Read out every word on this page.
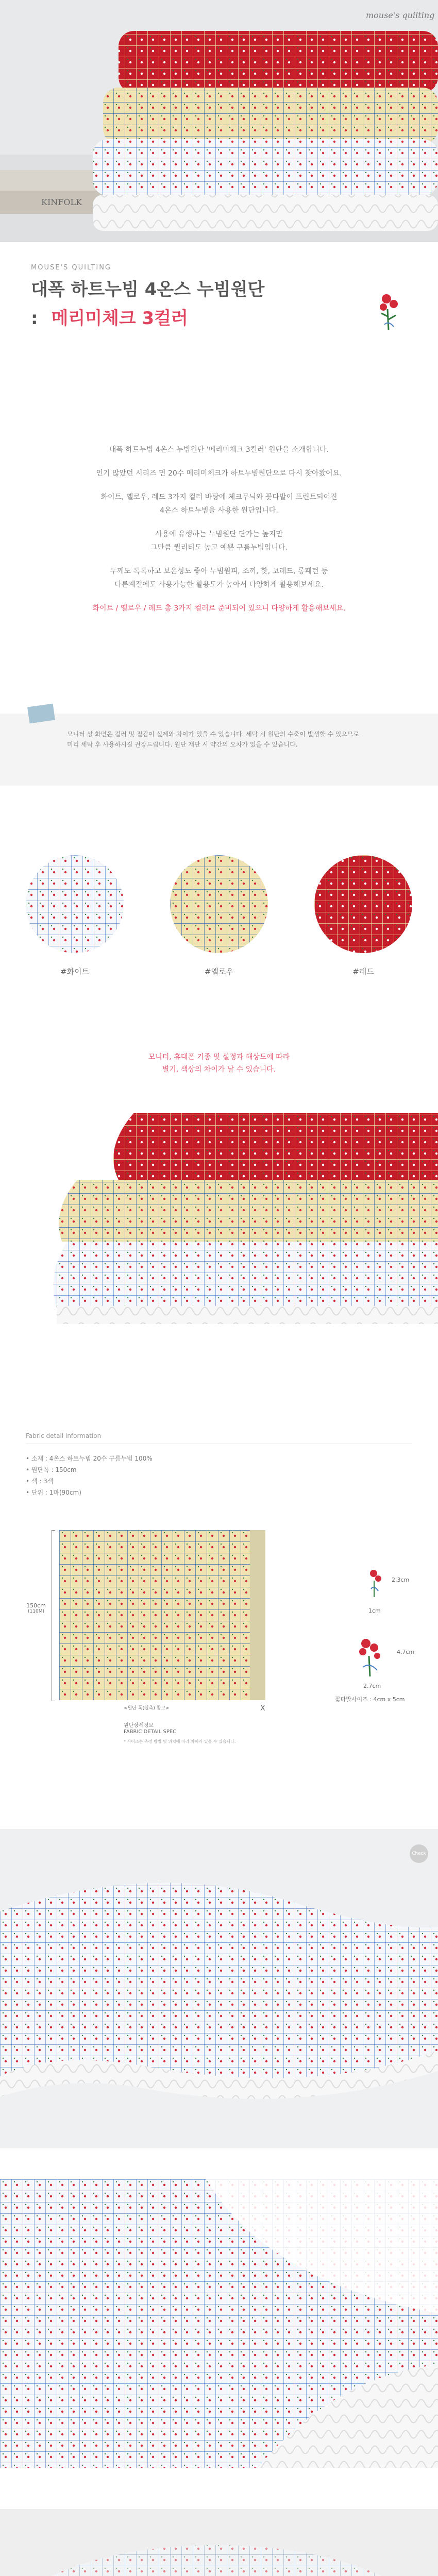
KINFOLK
mouse's quilting
MOUSE'S QUILTING
대폭 하트누빔 4온스 누빔원단
: 메리미체크 3컬러
대폭 하트누빔 4온스 누빔원단 '메리미체크 3컬러' 원단을 소개합니다.
인기 많았던 시리즈 면 20수 메리미체크가 하트누빔원단으로 다시 찾아왔어요.
화이트, 옐로우, 레드 3가지 컬러 바탕에 체크무늬와 꽃다발이 프린트되어진
4온스 하트누빔을 사용한 원단입니다.
사용에 유행하는 누빔원단 단가는 높지만
그만큼 퀄리티도 높고 예쁜 구름누빔입니다.
두께도 톡톡하고 보온성도 좋아 누빔원피, 조끼, 핫, 코레드, 롱패턴 등
다른계절에도 사용가능한 활용도가 높아서 다양하게 활용해보세요.
화이트 / 옐로우 / 레드 총 3가지 컬러로 준비되어 있으니 다양하게 활용해보세요.
모니터 상 화면은 컬러 및 질감이 실제와 차이가 있을 수 있습니다. 세탁 시 원단의 수축이 발생할 수 있으므로 미리 세탁 후 사용하시길 권장드립니다. 원단 재단 시 약간의 오차가 있을 수 있습니다.
#화이트	#옐로우	#레드
모니터, 휴대폰 기종 및 설정과 해상도에 따라
별기, 색상의 차이가 날 수 있습니다.
Fabric detail information
• 소재 : 4온스 하트누빔 20수 구름누빔 100%
• 원단폭 : 150cm
• 색 : 3색
• 단위 : 1마(90cm)
150cm
(110M)
X
<원단 폭(실측) 참고>
원단상세정보
FABRIC DETAIL SPEC
* 사이즈는 측정 방법 및 위치에 따라 차이가 있을 수 있습니다.
2.3cm
1cm
4.7cm
2.7cm
꽃다발사이즈 : 4cm x 5cm
Check
